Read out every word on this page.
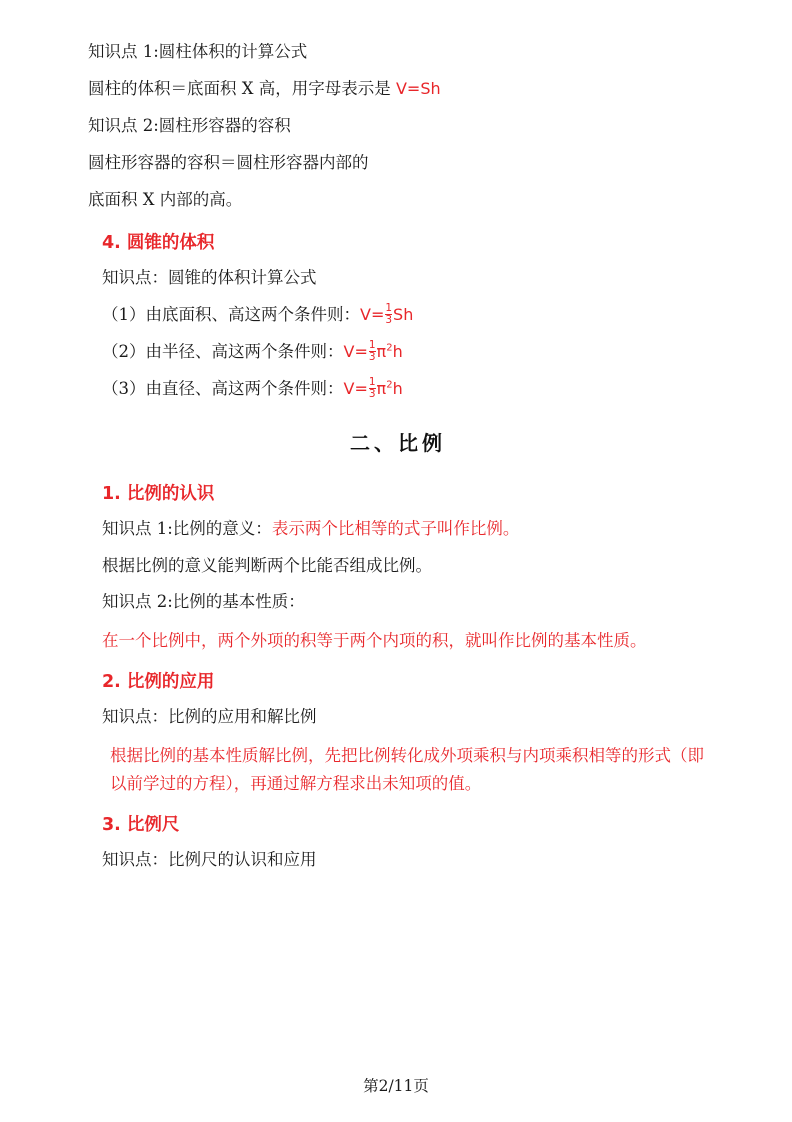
知识点 1:圆柱体积的计算公式

圆柱的体积＝底面积 X 高，用字母表示是 V=Sh

知识点 2:圆柱形容器的容积

圆柱形容器的容积＝圆柱形容器内部的

底面积 X 内部的高。

4. 圆锥的体积

知识点：圆锥的体积计算公式

（1）由底面积、高这两个条件则：$V= \frac{1}{3}$ Sh

（2）由半径、高这两个条件则：$V= \frac{1}{3} \pi^2h$

（3）由直径、高这两个条件则：$V= \frac{1}{3} \pi^2h$

二、比例

1. 比例的认识

知识点 1:比例的意义：表示两个比相等的式子叫作比例。

根据比例的意义能判断两个比能否组成比例。

知识点 2:比例的基本性质：

在一个比例中，两个外项的积等于两个内项的积，就叫作比例的基本性质。

2. 比例的应用

知识点：比例的应用和解比例

根据比例的基本性质解比例，先把比例转化成外项乘积与内项乘积相等的形式（即以前学过的方程），再通过解方程求出未知项的值。

3. 比例尺

知识点：比例尺的认识和应用

第2/11页
